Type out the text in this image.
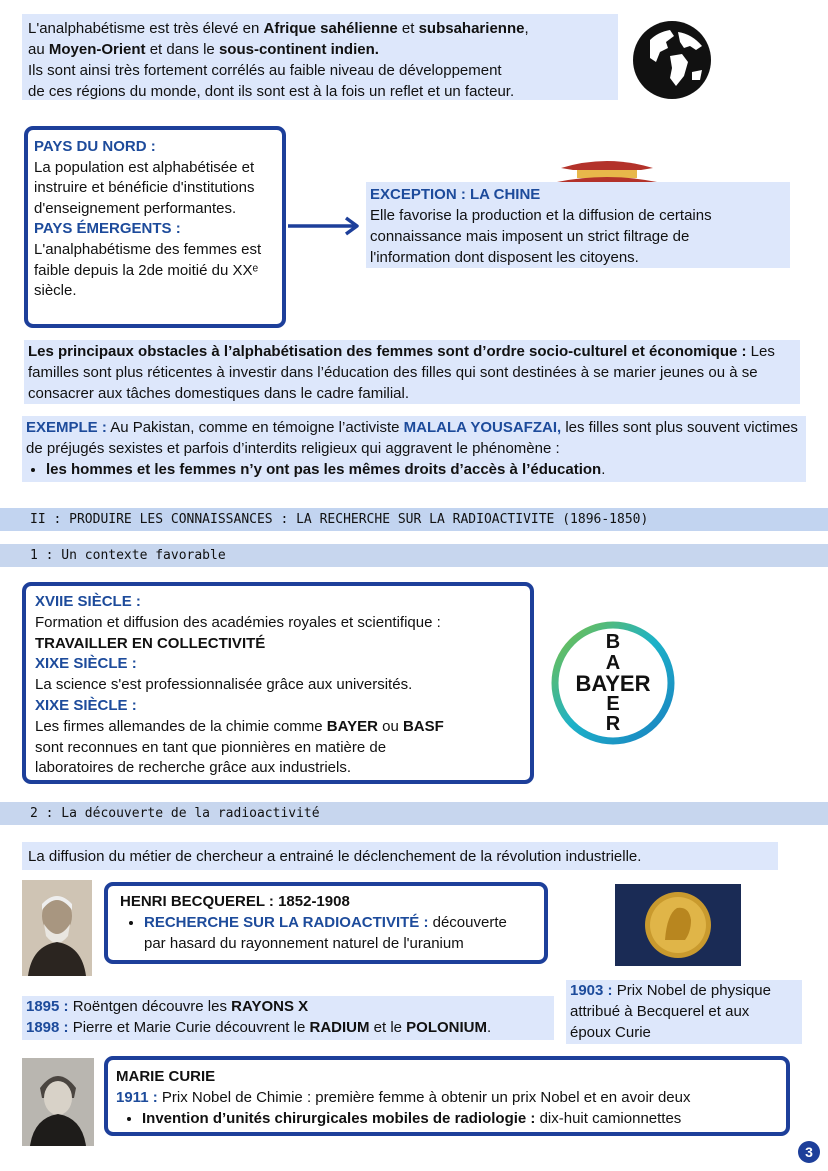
L'analphabétisme est très élevé en Afrique sahélienne et subsaharienne,
au Moyen-Orient et dans le sous-continent indien.
Ils sont ainsi très fortement corrélés au faible niveau de développement
de ces régions du monde, dont ils sont est à la fois un reflet et un facteur.
PAYS DU NORD :
La population est alphabétisée et instruire et bénéficie d'institutions d'enseignement performantes.
PAYS ÉMERGENTS :
L'analphabétisme des femmes est faible depuis la 2de moitié du XXᵉ siècle.
EXCEPTION : LA CHINE
Elle favorise la production et la diffusion de certains
connaissance mais imposent un strict filtrage de
l'information dont disposent les citoyens.
Les principaux obstacles à l’alphabétisation des femmes sont d’ordre socio-culturel et économique : Les familles sont plus réticentes à investir dans l’éducation des filles qui sont destinées à se marier jeunes ou à se consacrer aux tâches domestiques dans le cadre familial.
EXEMPLE : Au Pakistan, comme en témoigne l’activiste MALALA YOUSAFZAI, les filles sont plus souvent victimes de préjugés sexistes et parfois d’interdits religieux qui aggravent le phénomène :
• les hommes et les femmes n’y ont pas les mêmes droits d’accès à l’éducation.
II : PRODUIRE LES CONNAISSANCES : LA RECHERCHE SUR LA RADIOACTIVITE (1896-1850)
1 : Un contexte favorable
XVIIE SIÈCLE :
Formation et diffusion des académies royales et scientifique :
TRAVAILLER EN COLLECTIVITÉ
XIXE SIÈCLE :
La science s'est professionnalisée grâce aux universités.
XIXE SIÈCLE :
Les firmes allemandes de la chimie comme BAYER ou BASF
sont reconnues en tant que pionnières en matière de
laboratoires de recherche grâce aux industriels.
B
A
E
R
BAYER
2 : La découverte de la radioactivité
La diffusion du métier de chercheur a entrainé le déclenchement de la révolution industrielle.
HENRI BECQUEREL : 1852-1908
• RECHERCHE SUR LA RADIOACTIVITÉ : découverte
par hasard du rayonnement naturel de l'uranium
1903 : Prix Nobel de physique
attribué à Becquerel et aux
époux Curie
1895 : Roëntgen découvre les RAYONS X
1898 : Pierre et Marie Curie découvrent le RADIUM et le POLONIUM.
MARIE CURIE
1911 : Prix Nobel de Chimie : première femme à obtenir un prix Nobel et en avoir deux
• Invention d’unités chirurgicales mobiles de radiologie : dix-huit camionnettes
3
